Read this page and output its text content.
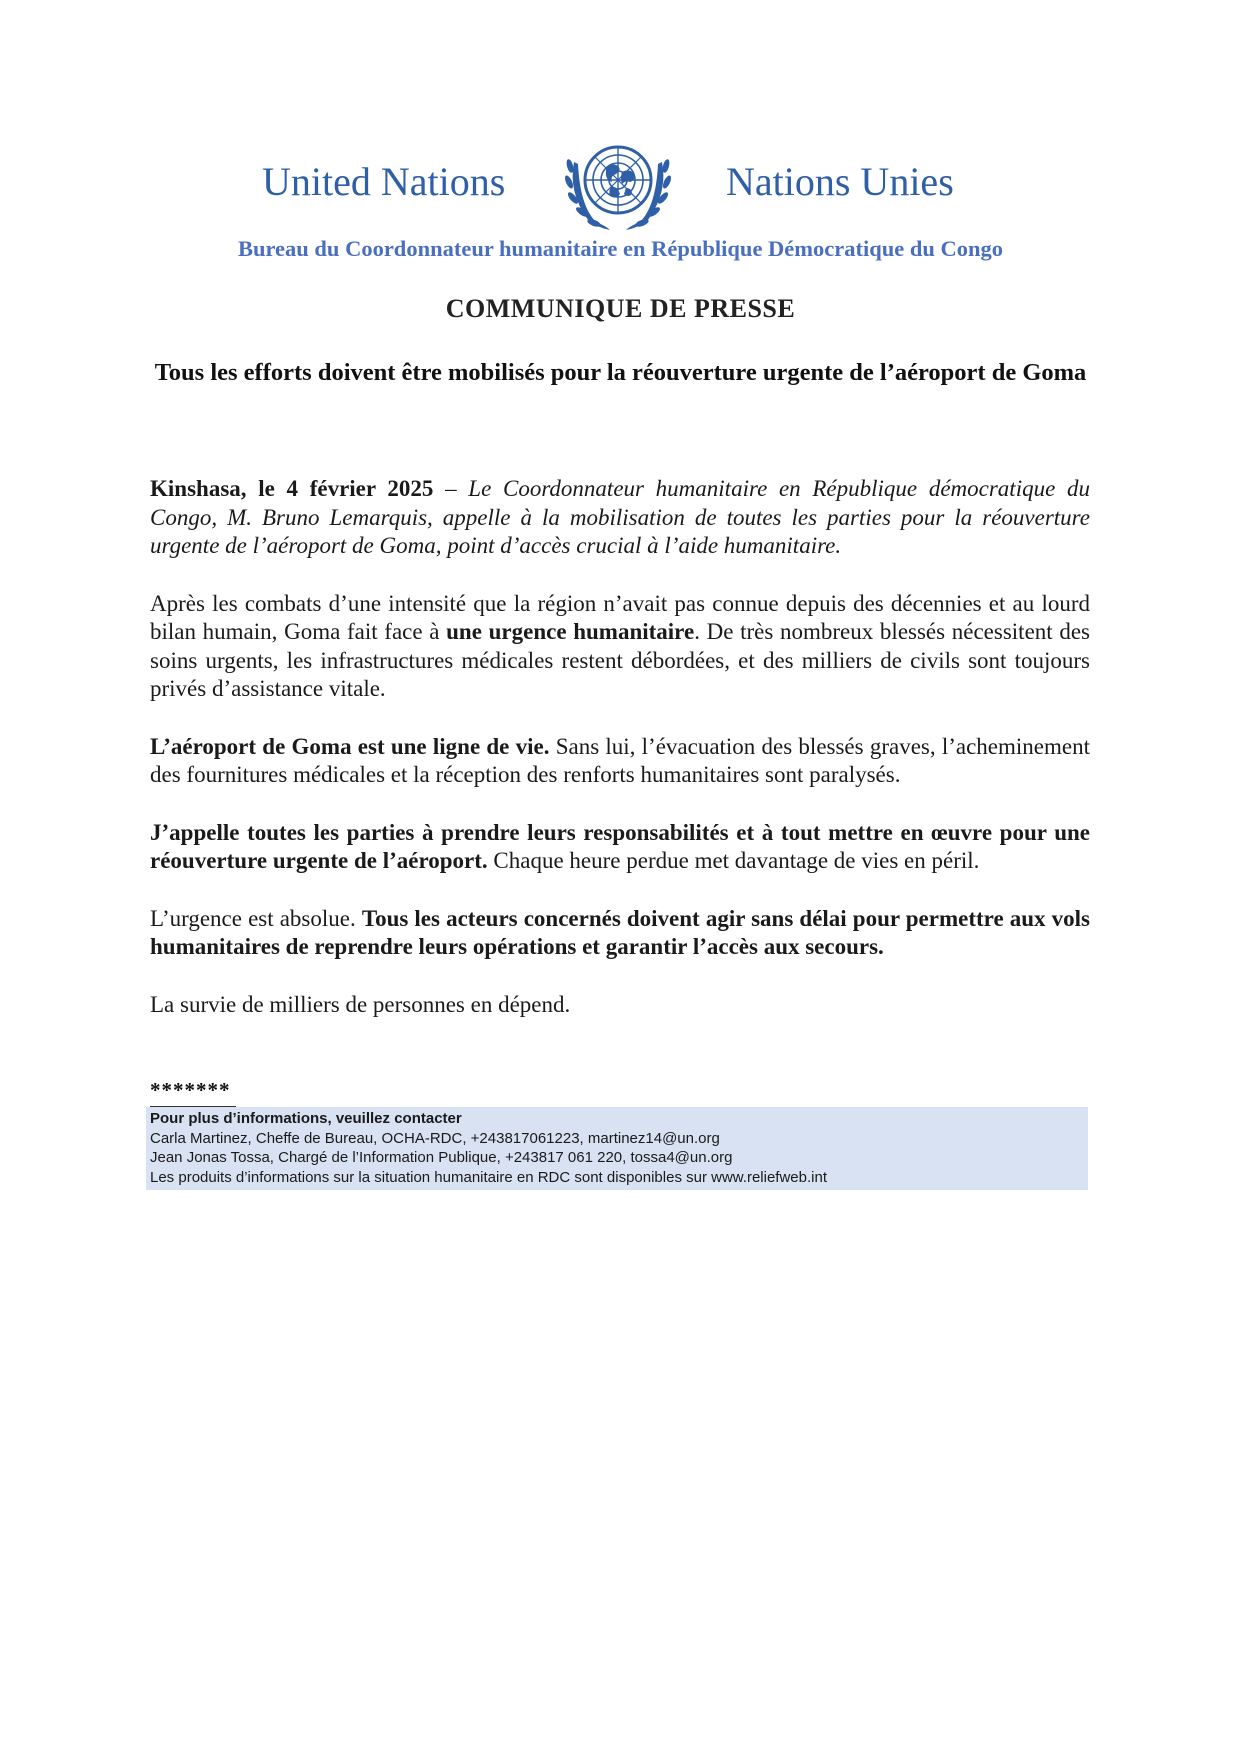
United Nations	Nations Unies
Bureau du Coordonnateur humanitaire en République Démocratique du Congo
COMMUNIQUE DE PRESSE
Tous les efforts doivent être mobilisés pour la réouverture urgente de l’aéroport de Goma

Kinshasa, le 4 février 2025 – Le Coordonnateur humanitaire en République démocratique du Congo, M. Bruno Lemarquis, appelle à la mobilisation de toutes les parties pour la réouverture urgente de l’aéroport de Goma, point d’accès crucial à l’aide humanitaire.

Après les combats d’une intensité que la région n’avait pas connue depuis des décennies et au lourd bilan humain, Goma fait face à une urgence humanitaire. De très nombreux blessés nécessitent des soins urgents, les infrastructures médicales restent débordées, et des milliers de civils sont toujours privés d’assistance vitale.

L’aéroport de Goma est une ligne de vie. Sans lui, l’évacuation des blessés graves, l’acheminement des fournitures médicales et la réception des renforts humanitaires sont paralysés.

J’appelle toutes les parties à prendre leurs responsabilités et à tout mettre en œuvre pour une réouverture urgente de l’aéroport. Chaque heure perdue met davantage de vies en péril.

L’urgence est absolue. Tous les acteurs concernés doivent agir sans délai pour permettre aux vols humanitaires de reprendre leurs opérations et garantir l’accès aux secours.

La survie de milliers de personnes en dépend.

*******
Pour plus d’informations, veuillez contacter
Carla Martinez, Cheffe de Bureau, OCHA-RDC, +243817061223, martinez14@un.org
Jean Jonas Tossa, Chargé de l’Information Publique, +243817 061 220, tossa4@un.org
Les produits d’informations sur la situation humanitaire en RDC sont disponibles sur www.reliefweb.int
